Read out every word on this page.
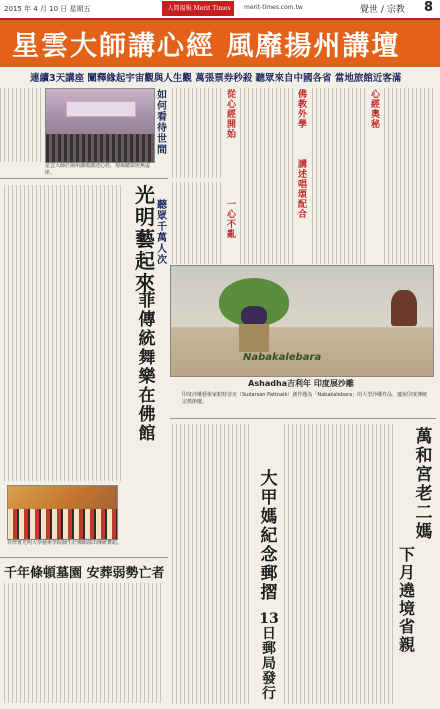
2015 年 4 月 10 日 星期五	人間福報 Merit Times	merit-times.com.tw	覺世 / 宗教 8
星雲大師講心經 風靡揚州講壇
連續3天講座 闡釋緣起宇宙觀與人生觀 萬張票券秒殺 聽眾來自中國各省 當地旅館近客滿
星雲大師於揚州講壇講述心經，現場聽眾座無虛席。
如何看待世間
從心經開始
佛教外學
講述唱頌配合
心經奧秘
一心不亂
聽眾千萬人次
光明藝起來
菲傳統舞樂在佛館
菲律賓光明大學藝術學院師生於佛館演出傳統舞蹈。
Nabakalebara
Ashadha吉利年 印度展沙雕
印度沙雕藝術家帕特奈克（Sudarsan Pattnaik）創作題為「Nabakalebara」的大型沙雕作品，慶祝印度傳統宗教節慶。
千年條頓墓園 安葬弱勢亡者
大甲媽紀念郵摺
13日郵局發行
萬和宮老二媽
下月遶境省親
